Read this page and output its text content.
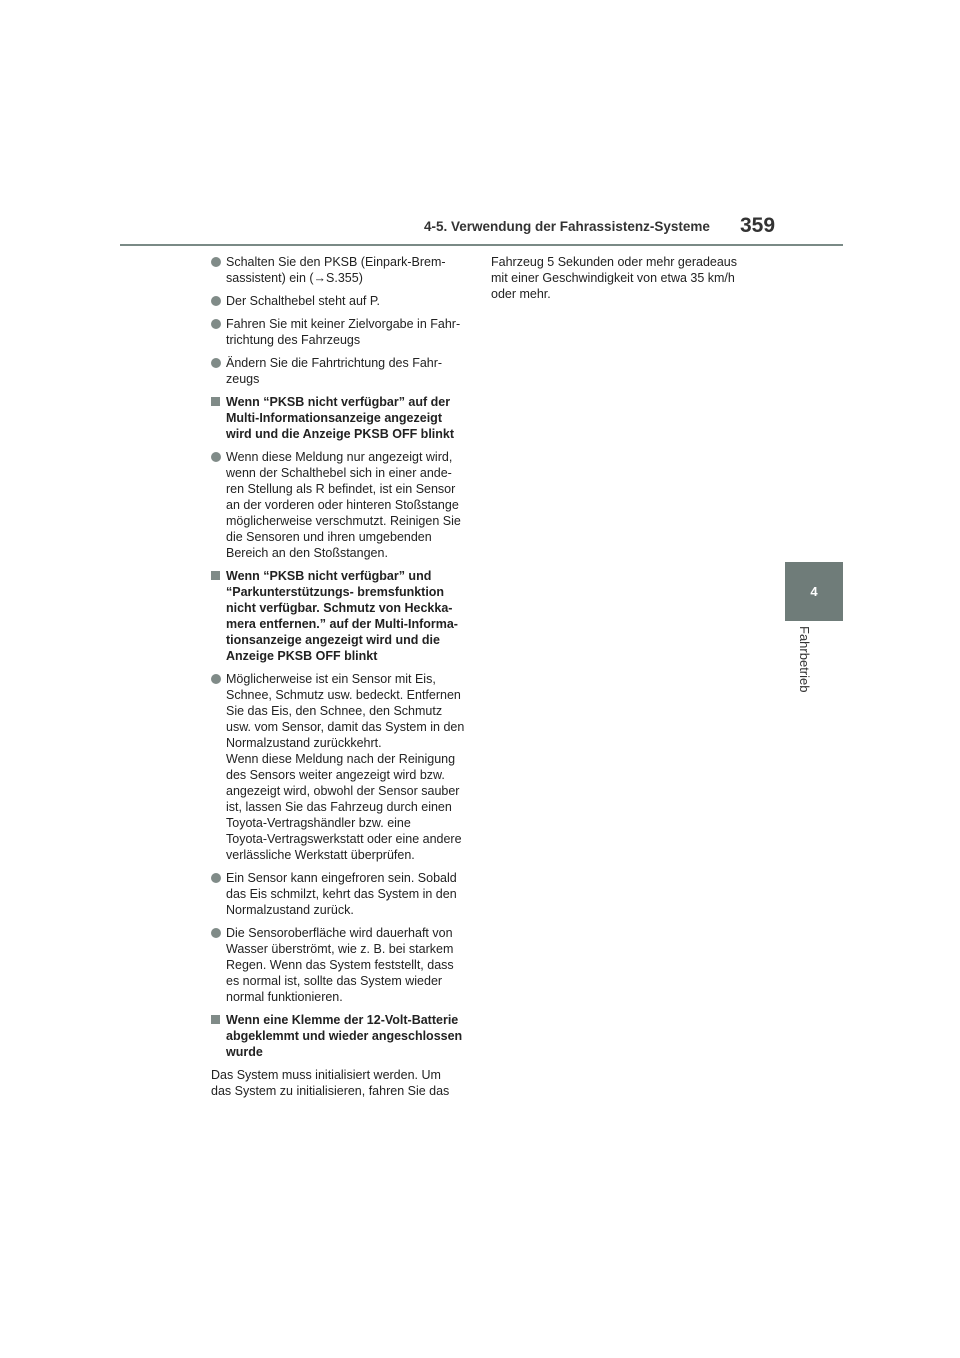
4-5. Verwendung der Fahrassistenz-Systeme 359
4
Fahrbetrieb
Schalten Sie den PKSB (Einpark-Brem-
sassistent) ein (→S.355)
Der Schalthebel steht auf P.
Fahren Sie mit keiner Zielvorgabe in Fahr-
trichtung des Fahrzeugs
Ändern Sie die Fahrtrichtung des Fahr-
zeugs
Wenn “PKSB nicht verfügbar” auf der
Multi-Informationsanzeige angezeigt
wird und die Anzeige PKSB OFF blinkt
Wenn diese Meldung nur angezeigt wird,
wenn der Schalthebel sich in einer ande-
ren Stellung als R befindet, ist ein Sensor
an der vorderen oder hinteren Stoßstange
möglicherweise verschmutzt. Reinigen Sie
die Sensoren und ihren umgebenden
Bereich an den Stoßstangen.
Wenn “PKSB nicht verfügbar” und
“Parkunterstützungs- bremsfunktion
nicht verfügbar. Schmutz von Heckka-
mera entfernen.” auf der Multi-Informa-
tionsanzeige angezeigt wird und die
Anzeige PKSB OFF blinkt
Möglicherweise ist ein Sensor mit Eis,
Schnee, Schmutz usw. bedeckt. Entfernen
Sie das Eis, den Schnee, den Schmutz
usw. vom Sensor, damit das System in den
Normalzustand zurückkehrt.
Wenn diese Meldung nach der Reinigung
des Sensors weiter angezeigt wird bzw.
angezeigt wird, obwohl der Sensor sauber
ist, lassen Sie das Fahrzeug durch einen
Toyota-Vertragshändler bzw. eine
Toyota-Vertragswerkstatt oder eine andere
verlässliche Werkstatt überprüfen.
Ein Sensor kann eingefroren sein. Sobald
das Eis schmilzt, kehrt das System in den
Normalzustand zurück.
Die Sensoroberfläche wird dauerhaft von
Wasser überströmt, wie z. B. bei starkem
Regen. Wenn das System feststellt, dass
es normal ist, sollte das System wieder
normal funktionieren.
Wenn eine Klemme der 12-Volt-Batterie
abgeklemmt und wieder angeschlossen
wurde

Das System muss initialisiert werden. Um
das System zu initialisieren, fahren Sie das

Fahrzeug 5 Sekunden oder mehr geradeaus
mit einer Geschwindigkeit von etwa 35 km/h
oder mehr.
